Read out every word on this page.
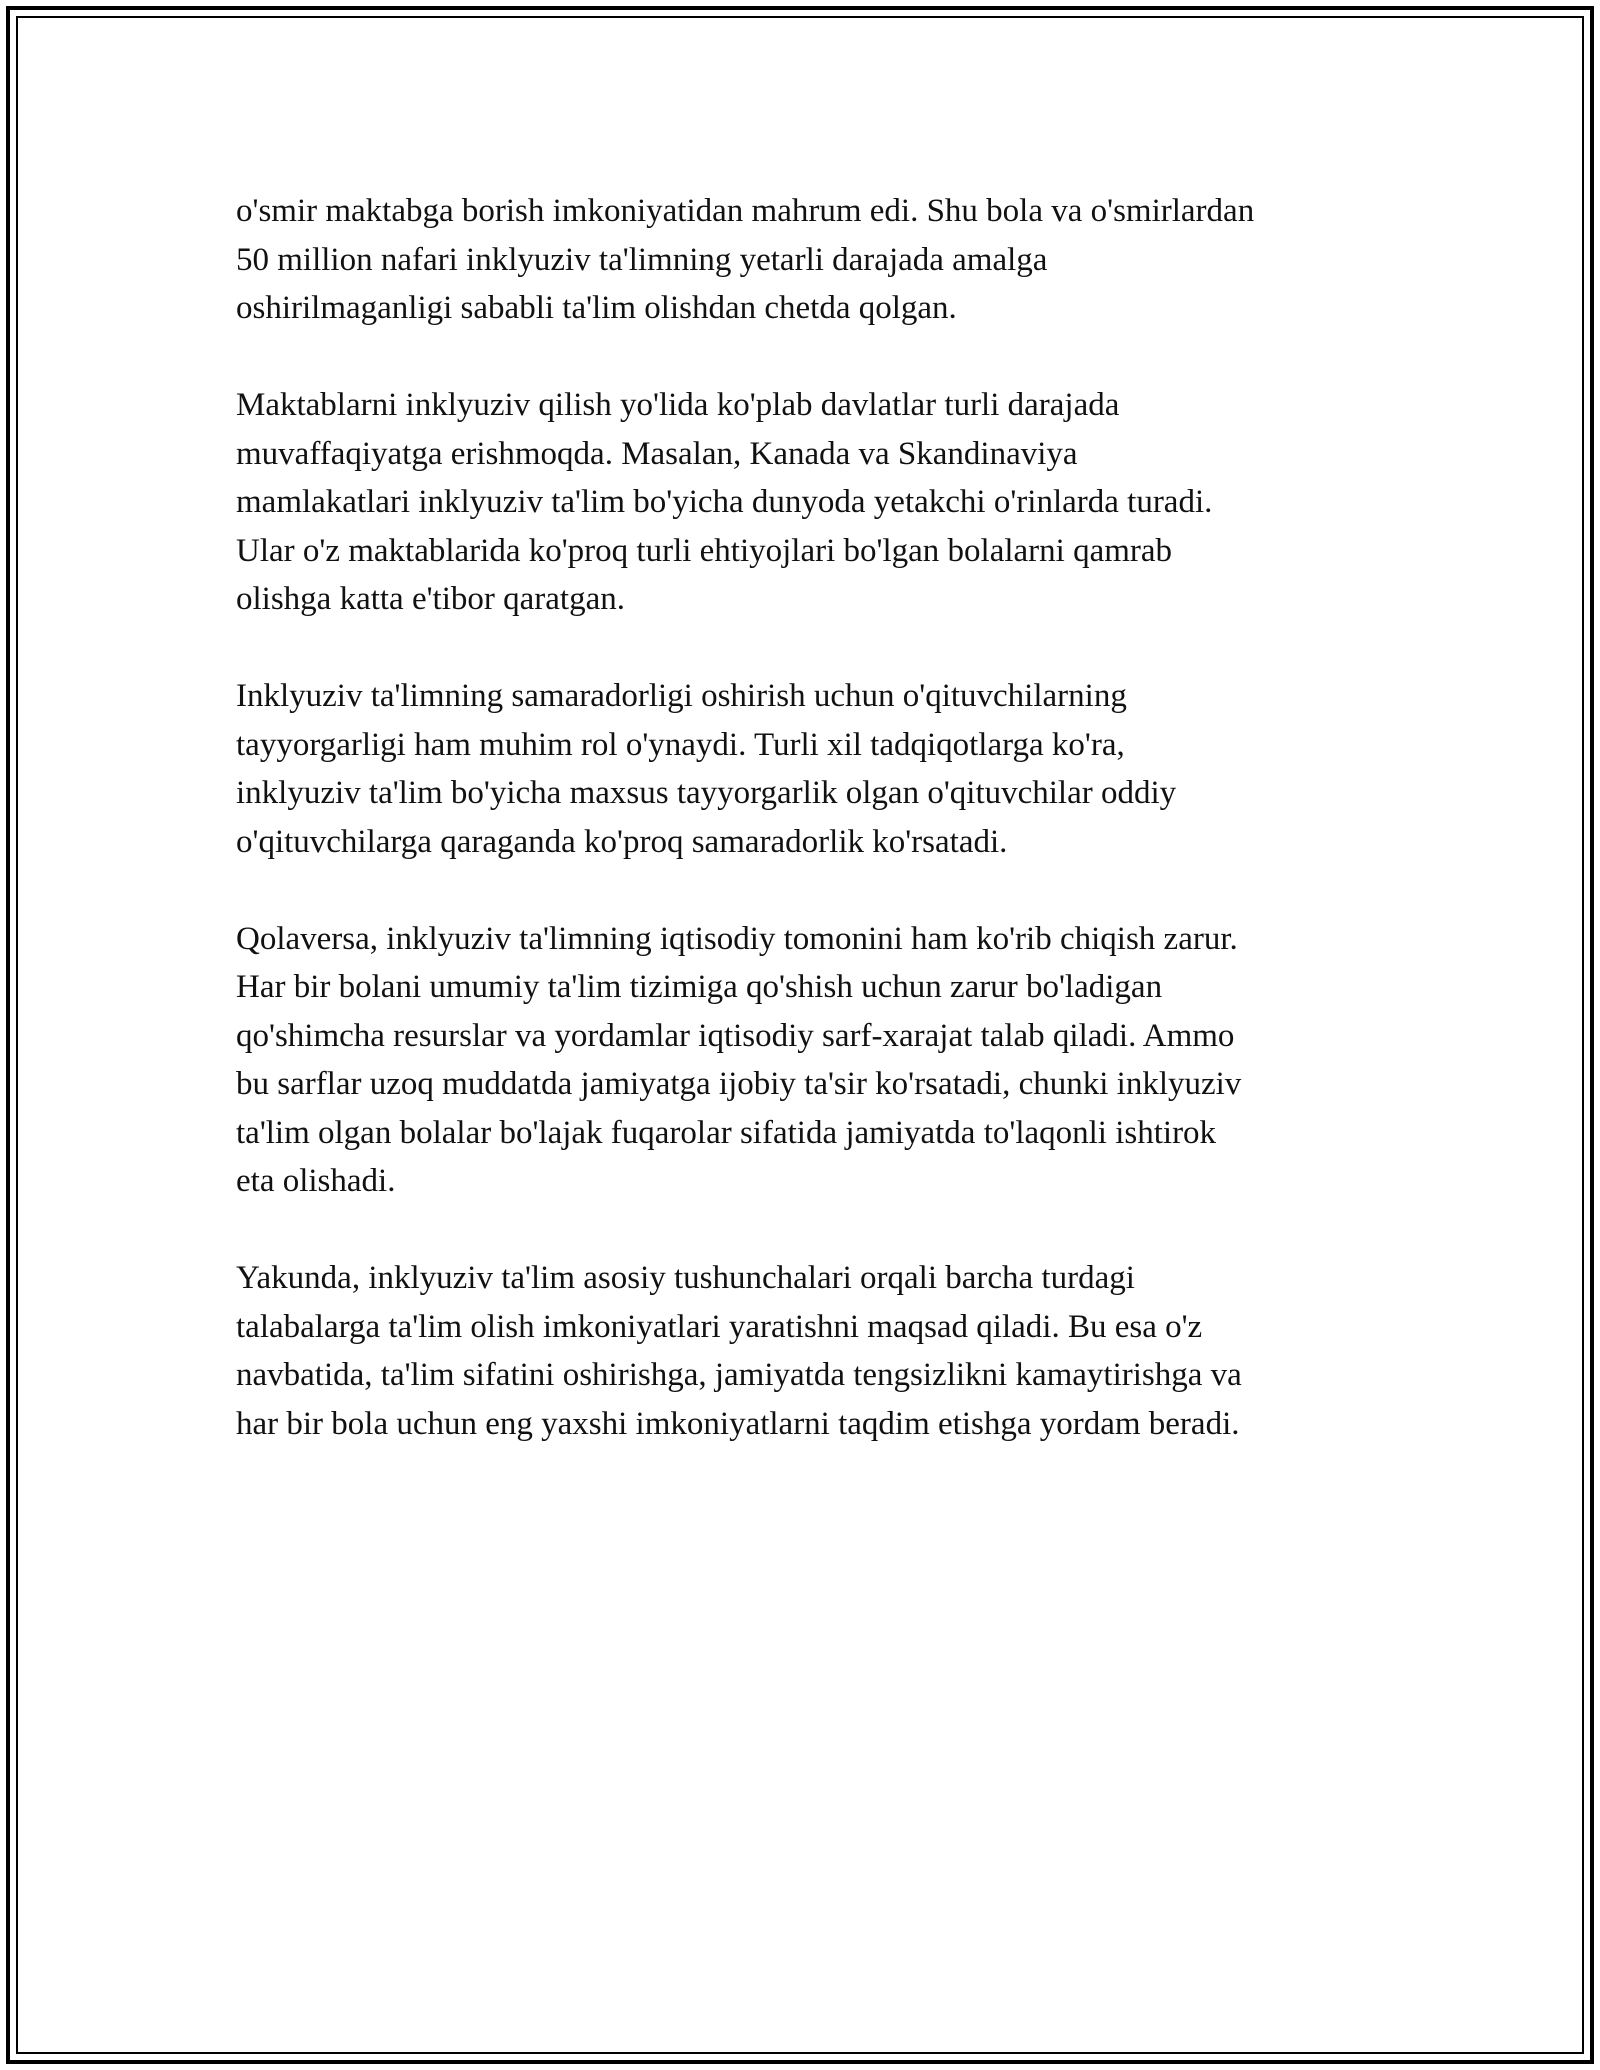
o'smir maktabga borish imkoniyatidan mahrum edi. Shu bola va o'smirlardan
50 million nafari inklyuziv ta'limning yetarli darajada amalga
oshirilmaganligi sababli ta'lim olishdan chetda qolgan.

Maktablarni inklyuziv qilish yo'lida ko'plab davlatlar turli darajada
muvaffaqiyatga erishmoqda. Masalan, Kanada va Skandinaviya
mamlakatlari inklyuziv ta'lim bo'yicha dunyoda yetakchi o'rinlarda turadi.
Ular o'z maktablarida ko'proq turli ehtiyojlari bo'lgan bolalarni qamrab
olishga katta e'tibor qaratgan.

Inklyuziv ta'limning samaradorligi oshirish uchun o'qituvchilarning
tayyorgarligi ham muhim rol o'ynaydi. Turli xil tadqiqotlarga ko'ra,
inklyuziv ta'lim bo'yicha maxsus tayyorgarlik olgan o'qituvchilar oddiy
o'qituvchilarga qaraganda ko'proq samaradorlik ko'rsatadi.

Qolaversa, inklyuziv ta'limning iqtisodiy tomonini ham ko'rib chiqish zarur.
Har bir bolani umumiy ta'lim tizimiga qo'shish uchun zarur bo'ladigan
qo'shimcha resurslar va yordamlar iqtisodiy sarf-xarajat talab qiladi. Ammo
bu sarflar uzoq muddatda jamiyatga ijobiy ta'sir ko'rsatadi, chunki inklyuziv
ta'lim olgan bolalar bo'lajak fuqarolar sifatida jamiyatda to'laqonli ishtirok
eta olishadi.

Yakunda, inklyuziv ta'lim asosiy tushunchalari orqali barcha turdagi
talabalarga ta'lim olish imkoniyatlari yaratishni maqsad qiladi. Bu esa o'z
navbatida, ta'lim sifatini oshirishga, jamiyatda tengsizlikni kamaytirishga va
har bir bola uchun eng yaxshi imkoniyatlarni taqdim etishga yordam beradi.
